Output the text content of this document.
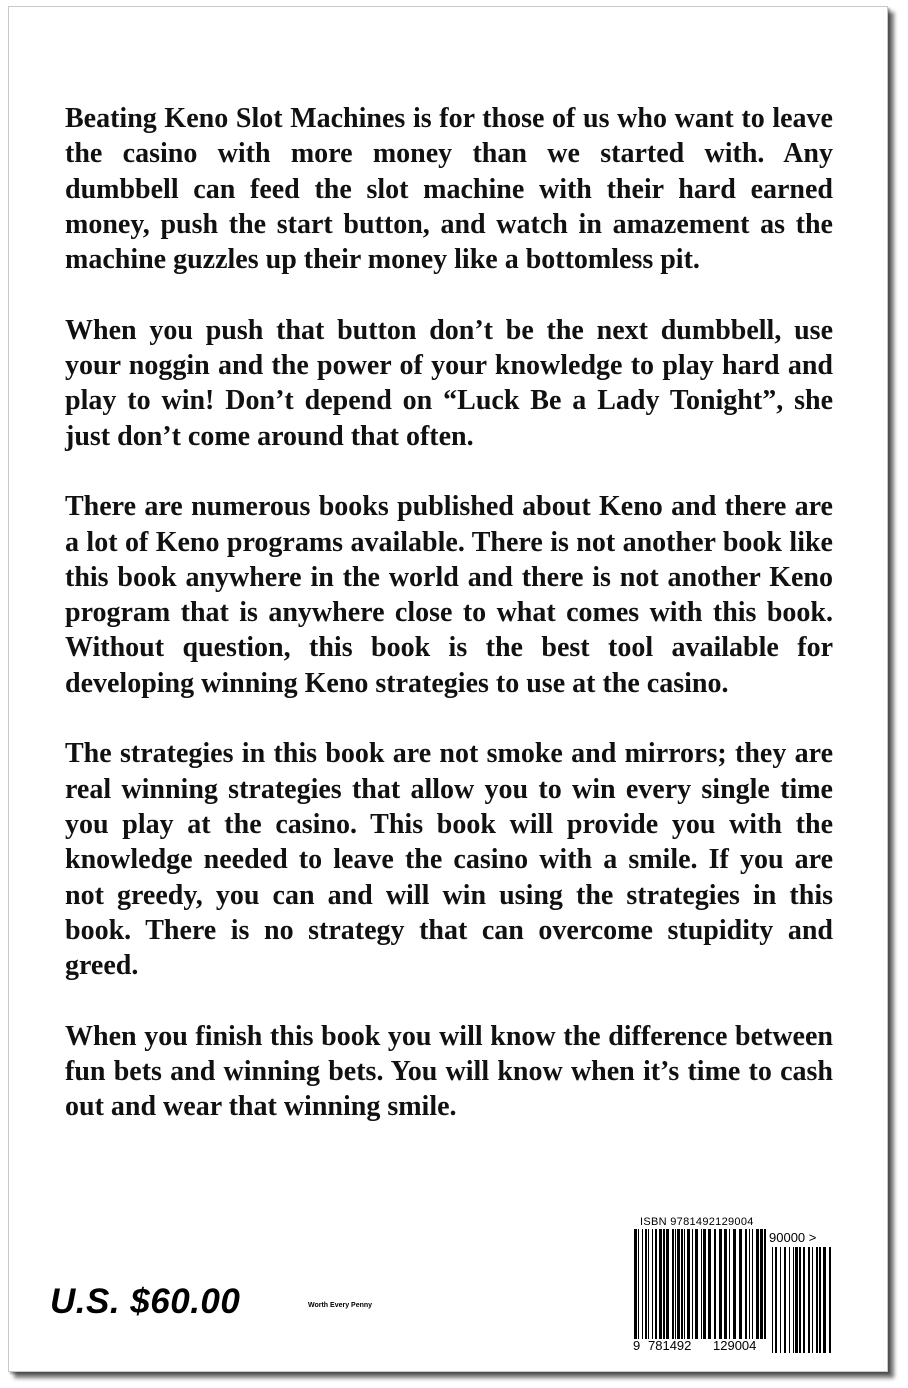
Beating Keno Slot Machines is for those of us who want to leave the casino with more money than we started with. Any dumbbell can feed the slot machine with their hard earned money, push the start button, and watch in amazement as the machine guzzles up their money like a bottomless pit.

When you push that button don’t be the next dumbbell, use your noggin and the power of your knowledge to play hard and play to win! Don’t depend on “Luck Be a Lady Tonight”, she just don’t come around that often.

There are numerous books published about Keno and there are a lot of Keno programs available. There is not another book like this book anywhere in the world and there is not another Keno program that is anywhere close to what comes with this book. Without question, this book is the best tool available for developing winning Keno strategies to use at the casino.

The strategies in this book are not smoke and mirrors; they are real winning strategies that allow you to win every single time you play at the casino. This book will provide you with the knowledge needed to leave the casino with a smile. If you are not greedy, you can and will win using the strategies in this book. There is no strategy that can overcome stupidity and greed.

When you finish this book you will know the difference between fun bets and winning bets. You will know when it’s time to cash out and wear that winning smile.

U.S. $60.00	Worth Every Penny
ISBN 9781492129004
90000 >
9 781492 129004
